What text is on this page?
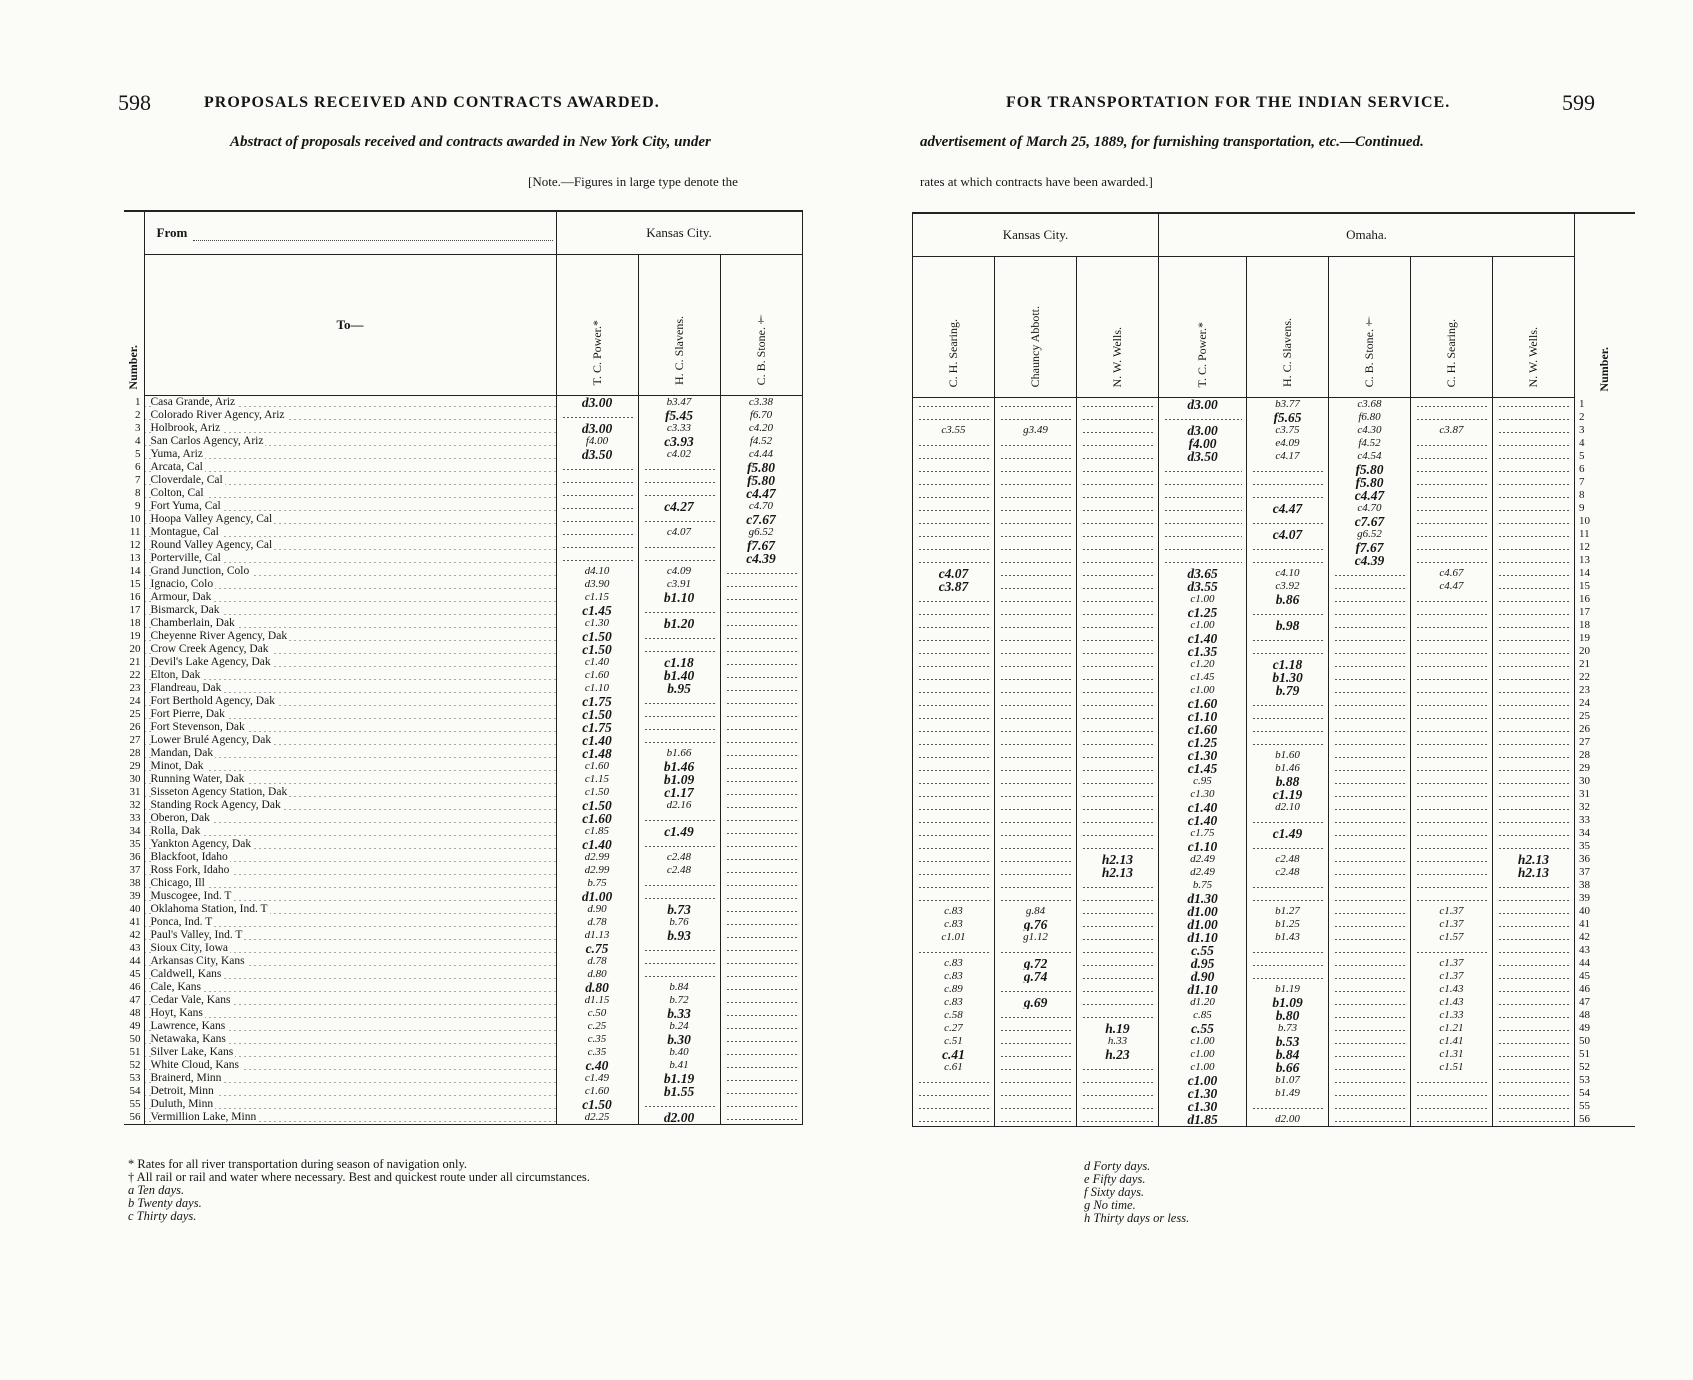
598	PROPOSALS RECEIVED AND CONTRACTS AWARDED.
Abstract of proposals received and contracts awarded in New York City, under
[Note.—Figures in large type denote the
Number.	From	Kansas City.		
	To—	T. C. Power.*	H. C. Slavens.	C. B. Stone.†

1	Casa Grande, Ariz	d3.00	b3.47	c3.38
2	Colorado River Agency, Ariz		f5.45	f6.70
3	Holbrook, Ariz	d3.00	c3.33	c4.20
4	San Carlos Agency, Ariz	f4.00	c3.93	f4.52
5	Yuma, Ariz	d3.50	c4.02	c4.44
6	Arcata, Cal			f5.80
7	Cloverdale, Cal			f5.80
8	Colton, Cal			c4.47
9	Fort Yuma, Cal		c4.27	c4.70
10	Hoopa Valley Agency, Cal			c7.67
11	Montague, Cal		c4.07	g6.52
12	Round Valley Agency, Cal			f7.67
13	Porterville, Cal			c4.39
14	Grand Junction, Colo	d4.10	c4.09	
15	Ignacio, Colo	d3.90	c3.91	
16	Armour, Dak	c1.15	b1.10	
17	Bismarck, Dak	c1.45		
18	Chamberlain, Dak	c1.30	b1.20	
19	Cheyenne River Agency, Dak	c1.50		
20	Crow Creek Agency, Dak	c1.50		
21	Devil's Lake Agency, Dak	c1.40	c1.18	
22	Elton, Dak	c1.60	b1.40	
23	Flandreau, Dak	c1.10	b.95	
24	Fort Berthold Agency, Dak	c1.75		
25	Fort Pierre, Dak	c1.50		
26	Fort Stevenson, Dak	c1.75		
27	Lower Brulé Agency, Dak	c1.40		
28	Mandan, Dak	c1.48	b1.66	
29	Minot, Dak	c1.60	b1.46	
30	Running Water, Dak	c1.15	b1.09	
31	Sisseton Agency Station, Dak	c1.50	c1.17	
32	Standing Rock Agency, Dak	c1.50	d2.16	
33	Oberon, Dak	c1.60		
34	Rolla, Dak	c1.85	c1.49	
35	Yankton Agency, Dak	c1.40		
36	Blackfoot, Idaho	d2.99	c2.48	
37	Ross Fork, Idaho	d2.99	c2.48	
38	Chicago, Ill	b.75		
39	Muscogee, Ind. T	d1.00		
40	Oklahoma Station, Ind. T	d.90	b.73	
41	Ponca, Ind. T	d.78	b.76	
42	Paul's Valley, Ind. T	d1.13	b.93	
43	Sioux City, Iowa	c.75		
44	Arkansas City, Kans	d.78		
45	Caldwell, Kans	d.80		
46	Cale, Kans	d.80	b.84	
47	Cedar Vale, Kans	d1.15	b.72	
48	Hoyt, Kans	c.50	b.33	
49	Lawrence, Kans	c.25	b.24	
50	Netawaka, Kans	c.35	b.30	
51	Silver Lake, Kans	c.35	b.40	
52	White Cloud, Kans	c.40	b.41	
53	Brainerd, Minn	c1.49	b1.19	
54	Detroit, Minn	c1.60	b1.55	
55	Duluth, Minn	c1.50		
56	Vermillion Lake, Minn	d2.25	d2.00	
* Rates for all river transportation during season of navigation only.
† All rail or rail and water where necessary. Best and quickest route under all circumstances.
a Ten days.
b Twenty days.
c Thirty days.
FOR TRANSPORTATION FOR THE INDIAN SERVICE.	599
advertisement of March 25, 1889, for furnishing transportation, etc.—Continued.
rates at which contracts have been awarded.]
Kansas City.			Omaha.					Number.

C. H. Searing.	Chauncy Abbott.	N. W. Wells.	T. C. Power.*	H. C. Slavens.	C. B. Stone.†	C. H. Searing.	N. W. Wells.	

			d3.00	b3.77	c3.68			1
				f5.65	f6.80			2
c3.55	g3.49		d3.00	c3.75	c4.30	c3.87		3
			f4.00	e4.09	f4.52			4
			d3.50	c4.17	c4.54			5
					f5.80			6
					f5.80			7
					c4.47			8
				c4.47	c4.70			9
					c7.67			10
				c4.07	g6.52			11
					f7.67			12
					c4.39			13
c4.07			d3.65	c4.10		c4.67		14
c3.87			d3.55	c3.92		c4.47		15
			c1.00	b.86				16
			c1.25					17
			c1.00	b.98				18
			c1.40					19
			c1.35					20
			c1.20	c1.18				21
			c1.45	b1.30				22
			c1.00	b.79				23
			c1.60					24
			c1.10					25
			c1.60					26
			c1.25					27
			c1.30	b1.60				28
			c1.45	b1.46				29
			c.95	b.88				30
			c1.30	c1.19				31
			c1.40	d2.10				32
			c1.40					33
			c1.75	c1.49				34
			c1.10					35
		h2.13	d2.49	c2.48			h2.13	36
		h2.13	d2.49	c2.48			h2.13	37
			b.75					38
			d1.30					39
c.83	g.84		d1.00	b1.27		c1.37		40
c.83	g.76		d1.00	b1.25		c1.37		41
c1.01	g1.12		d1.10	b1.43		c1.57		42
			c.55					43
c.83	g.72		d.95			c1.37		44
c.83	g.74		d.90			c1.37		45
c.89			d1.10	b1.19		c1.43		46
c.83	g.69		d1.20	b1.09		c1.43		47
c.58			c.85	b.80		c1.33		48
c.27		h.19	c.55	b.73		c1.21		49
c.51		h.33	c1.00	b.53		c1.41		50
c.41		h.23	c1.00	b.84		c1.31		51
c.61			c1.00	b.66		c1.51		52
			c1.00	b1.07				53
			c1.30	b1.49				54
			c1.30					55
			d1.85	d2.00				56
d Forty days.
e Fifty days.
f Sixty days.
g No time.
h Thirty days or less.
